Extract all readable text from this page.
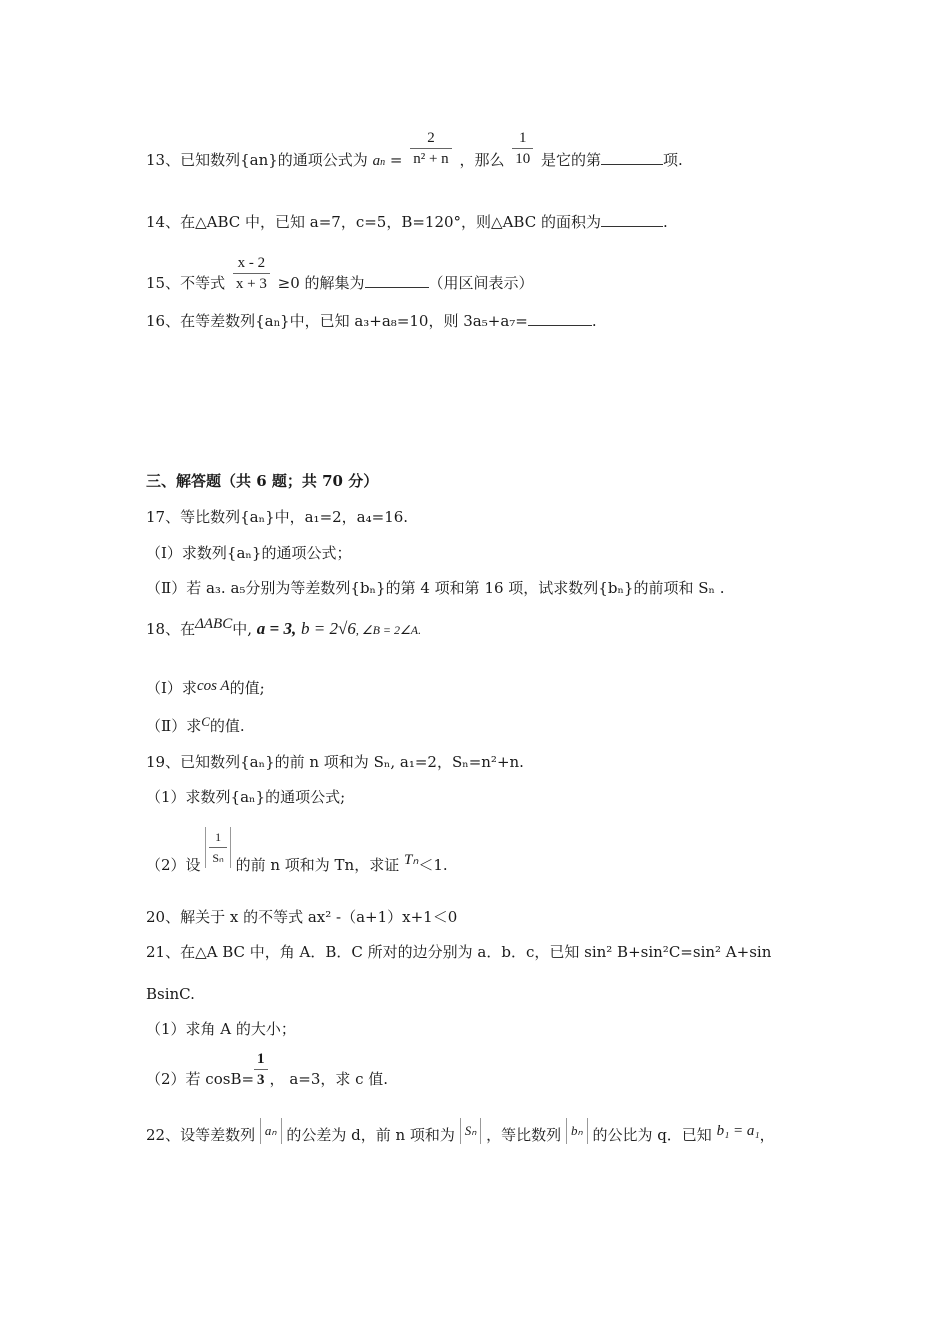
13、已知数列{an}的通项公式为 an = $\frac{2}{\text{n² + n}}$ ，那么 $\frac{1}{10}$ 是它的第	项.
14、在△ABC 中，已知 a=7，c=5，B=120°，则△ABC 的面积为	.
15、不等式 $\frac{x - 2}{x + 3} \ge 0$ 的解集为	（用区间表示）
16、在等差数列{an}中，已知 a₃+a₈=10，则 3a₅+a₇=	.
三、解答题（共 6 题；共 70 分）
17、等比数列{aₙ}中，a₁=2，a₄=16.
（Ⅰ）求数列{aₙ}的通项公式；
（Ⅱ）若 a₃. a₅分别为等差数列{bₙ}的第 4 项和第 16 项，试求数列{bₙ}的前项和 Sₙ .
18、在ΔABC中, a = 3, b = 2√6, ∠B = 2∠A.
（Ⅰ）求cos A的值;
（Ⅱ）求C的值.
19、已知数列{aₙ}的前 n 项和为 Sₙ, a₁=2，Sₙ=n²+n.
（1）求数列{aₙ}的通项公式;
（2）设 $\frac{1}{\text{Sₙ}}$ 的前 n 项和为 Tn，求证 Tₙ＜1.
20、解关于 x 的不等式 ax² -（a+1）x+1＜0
21、在△A BC 中，角 A．B．C 所对的边分别为 a．b．c，已知 sin² B+sin²C=sin² A+sin
BsinC.
（1）求角 A 的大小；
（2）若 $\cos B= \frac{1}{3}$ ， a=3，求 c 值.
22、设等差数列 aₙ 的公差为 d，前 n 项和为 Sₙ ，等比数列 bₙ 的公比为 q．已知 b₁ = a₁，
